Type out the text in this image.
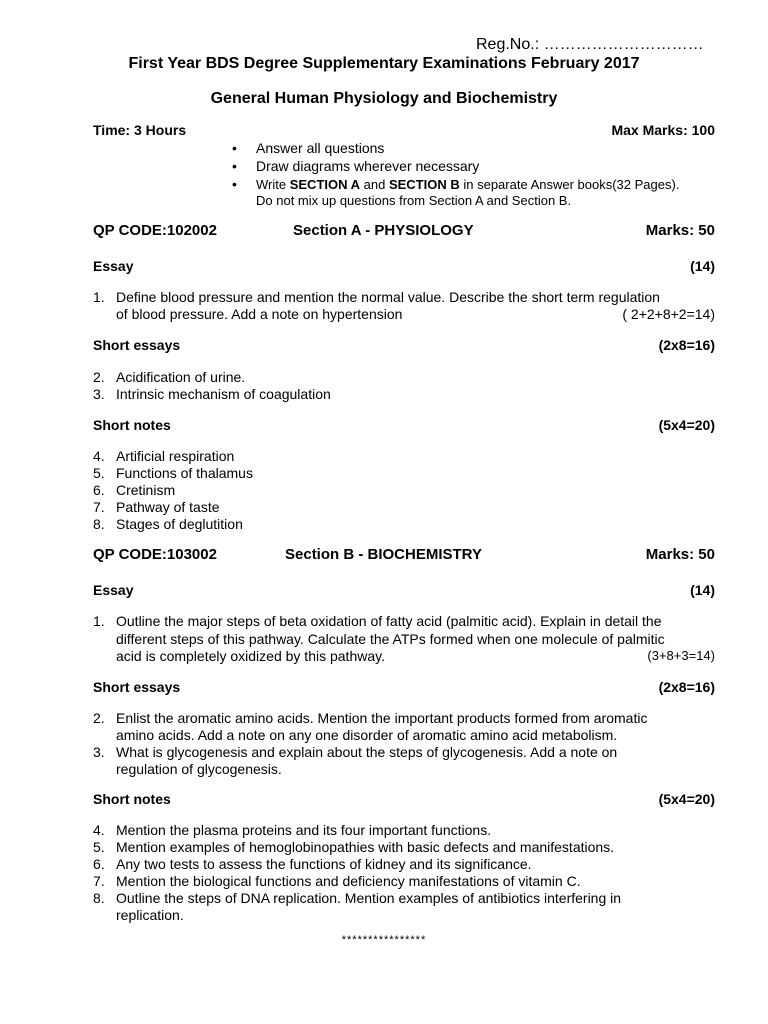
Reg.No.: …………………………
First Year BDS Degree Supplementary Examinations February 2017
General Human Physiology and Biochemistry
Time: 3 Hours	Max Marks: 100
• Answer all questions
• Draw diagrams wherever necessary
• Write SECTION A and SECTION B in separate Answer books(32 Pages).
Do not mix up questions from Section A and Section B.
QP CODE:102002	Section A - PHYSIOLOGY	Marks: 50
Essay	(14)
1. Define blood pressure and mention the normal value. Describe the short term regulation
of blood pressure. Add a note on hypertension	( 2+2+8+2=14)
Short essays	(2x8=16)
2. Acidification of urine.
3. Intrinsic mechanism of coagulation
Short notes	(5x4=20)
4. Artificial respiration
5. Functions of thalamus
6. Cretinism
7. Pathway of taste
8. Stages of deglutition
QP CODE:103002	Section B - BIOCHEMISTRY	Marks: 50
Essay	(14)
1. Outline the major steps of beta oxidation of fatty acid (palmitic acid). Explain in detail the
different steps of this pathway. Calculate the ATPs formed when one molecule of palmitic
acid is completely oxidized by this pathway.	(3+8+3=14)
Short essays	(2x8=16)
2. Enlist the aromatic amino acids. Mention the important products formed from aromatic
amino acids. Add a note on any one disorder of aromatic amino acid metabolism.
3. What is glycogenesis and explain about the steps of glycogenesis. Add a note on
regulation of glycogenesis.
Short notes	(5x4=20)
4. Mention the plasma proteins and its four important functions.
5. Mention examples of hemoglobinopathies with basic defects and manifestations.
6. Any two tests to assess the functions of kidney and its significance.
7. Mention the biological functions and deficiency manifestations of vitamin C.
8. Outline the steps of DNA replication. Mention examples of antibiotics interfering in
replication.
****************
